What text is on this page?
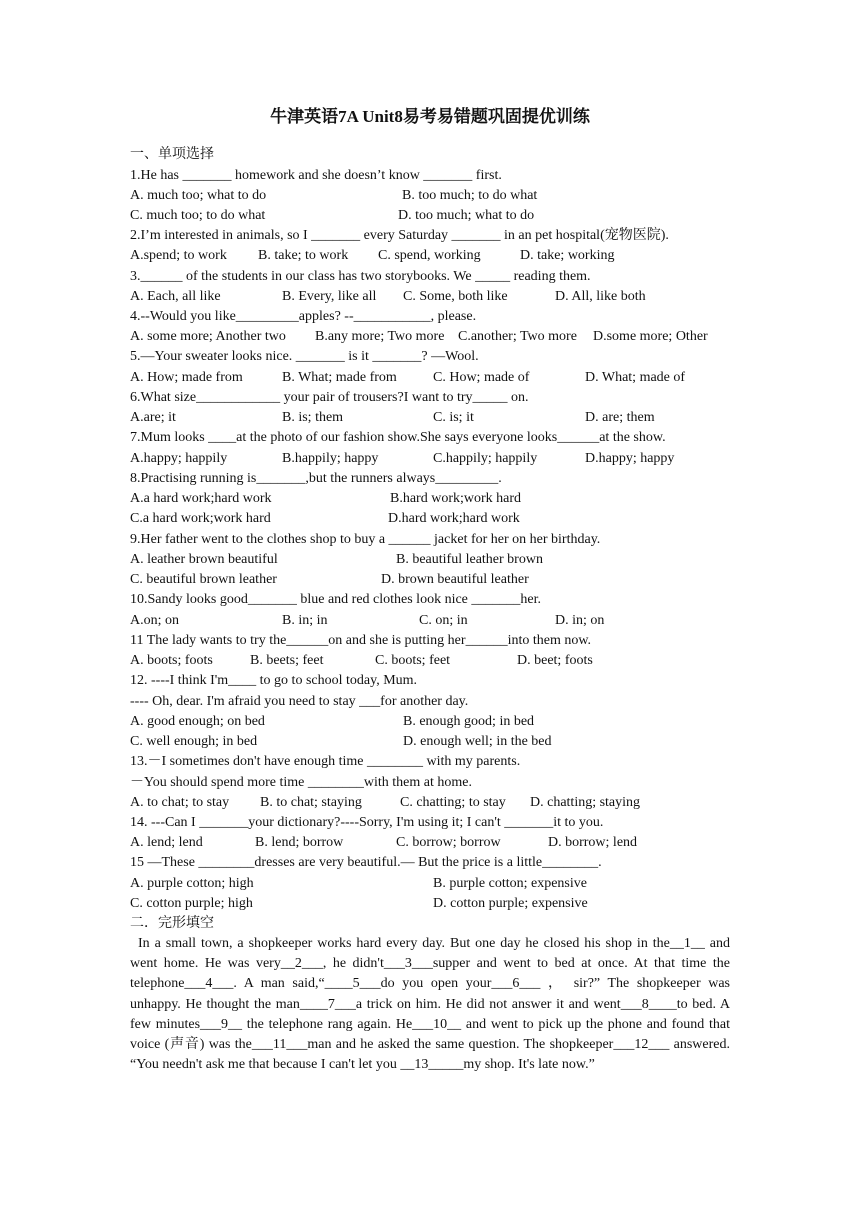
牛津英语7A Unit8易考易错题巩固提优训练
一、单项选择
1.He has _______ homework and she doesn’t know _______ first.
A. much too; what to do	B. too much; to do what
C. much too; to do what	D. too much; what to do
2.I’m interested in animals, so I _______ every Saturday _______ in an pet hospital(宠物医院).
A.spend; to work B. take; to work C. spend, working	D. take; working
3.______ of the students in our class has two storybooks. We _____ reading them.
A. Each, all like	B. Every, like all C. Some, both like	D. All, like both
4.--Would you like_________apples? --___________, please.
A. some more; Another two B.any more; Two more C.another; Two more D.some more; Other
5.—Your sweater looks nice. _______ is it _______? —Wool.
A. How; made from	B. What; made from	C. How; made of	D. What; made of
6.What size____________ your pair of trousers?I want to try_____ on.
A.are; it	B. is; them	C. is; it	D. are; them
7.Mum looks ____at the photo of our fashion show.She says everyone looks______at the show.
A.happy; happily	B.happily; happy	C.happily; happily	D.happy; happy
8.Practising running is_______,but the runners always_________.
A.a hard work;hard work	B.hard work;work hard
C.a hard work;work hard	D.hard work;hard work
9.Her father went to the clothes shop to buy a ______ jacket for her on her birthday.
A. leather brown beautiful	B. beautiful leather brown
C. beautiful brown leather	D. brown beautiful leather
10.Sandy looks good_______ blue and red clothes look nice _______her.
A.on; on	B. in; in	C. on; in	D. in; on
11 The lady wants to try the______on and she is putting her______into them now.
A. boots; foots	B. beets; feet	C. boots; feet	D. beet; foots
12. ----I think I'm____ to go to school today, Mum.
---- Oh, dear. I'm afraid you need to stay ___for another day.
A. good enough; on bed	B. enough good; in bed
C. well enough; in bed	D. enough well; in the bed
13.－I sometimes don't have enough time ________ with my parents.
－You should spend more time ________with them at home.
A. to chat; to stay B. to chat; staying	C. chatting; to stay D. chatting; staying
14. ---Can I _______your dictionary?----Sorry, I'm using it; I can't _______it to you.
A. lend; lend	B. lend; borrow	C. borrow; borrow	D. borrow; lend
15 —These ________dresses are very beautiful.— But the price is a little________.
A. purple cotton; high	B. purple cotton; expensive
C. cotton purple; high	D. cotton purple; expensive
二．完形填空

In a small town, a shopkeeper works hard every day. But one day he closed his shop in the__1__ and went home. He was very__2___, he didn't___3___supper and went to bed at once. At that time the telephone___4___. A man said,“____5___do you open your___6___ ， sir?” The shopkeeper was unhappy. He thought the man____7___a trick on him. He did not answer it and went___8____to bed. A few minutes___9__ the telephone rang again. He___10__ and went to pick up the phone and found that voice (声音) was the___11___man and he asked the same question. The shopkeeper___12___ answered. “You needn't ask me that because I can't let you __13_____my shop. It's late now.”
